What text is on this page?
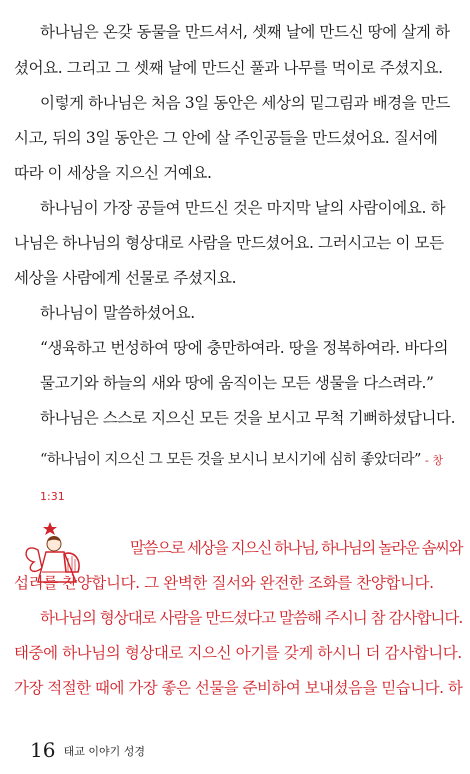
하나님은 온갖 동물을 만드셔서, 셋째 날에 만드신 땅에 살게 하
셨어요. 그리고 그 셋째 날에 만드신 풀과 나무를 먹이로 주셨지요.
이렇게 하나님은 처음 3일 동안은 세상의 밑그림과 배경을 만드
시고, 뒤의 3일 동안은 그 안에 살 주인공들을 만드셨어요. 질서에
따라 이 세상을 지으신 거예요.
하나님이 가장 공들여 만드신 것은 마지막 날의 사람이에요. 하
나님은 하나님의 형상대로 사람을 만드셨어요. 그러시고는 이 모든
세상을 사람에게 선물로 주셨지요.
하나님이 말씀하셨어요.
“생육하고 번성하여 땅에 충만하여라. 땅을 정복하여라. 바다의
물고기와 하늘의 새와 땅에 움직이는 모든 생물을 다스려라.”
하나님은 스스로 지으신 모든 것을 보시고 무척 기뻐하셨답니다.
“하나님이 지으신 그 모든 것을 보시니 보시기에 심히 좋았더라” - 창
1:31
말씀으로 세상을 지으신 하나님, 하나님의 놀라운 솜씨와
섭리를 찬양합니다. 그 완벽한 질서와 완전한 조화를 찬양합니다.
하나님의 형상대로 사람을 만드셨다고 말씀해 주시니 참 감사합니다.
태중에 하나님의 형상대로 지으신 아기를 갖게 하시니 더 감사합니다.
가장 적절한 때에 가장 좋은 선물을 준비하여 보내셨음을 믿습니다. 하
16 태교 이야기 성경
